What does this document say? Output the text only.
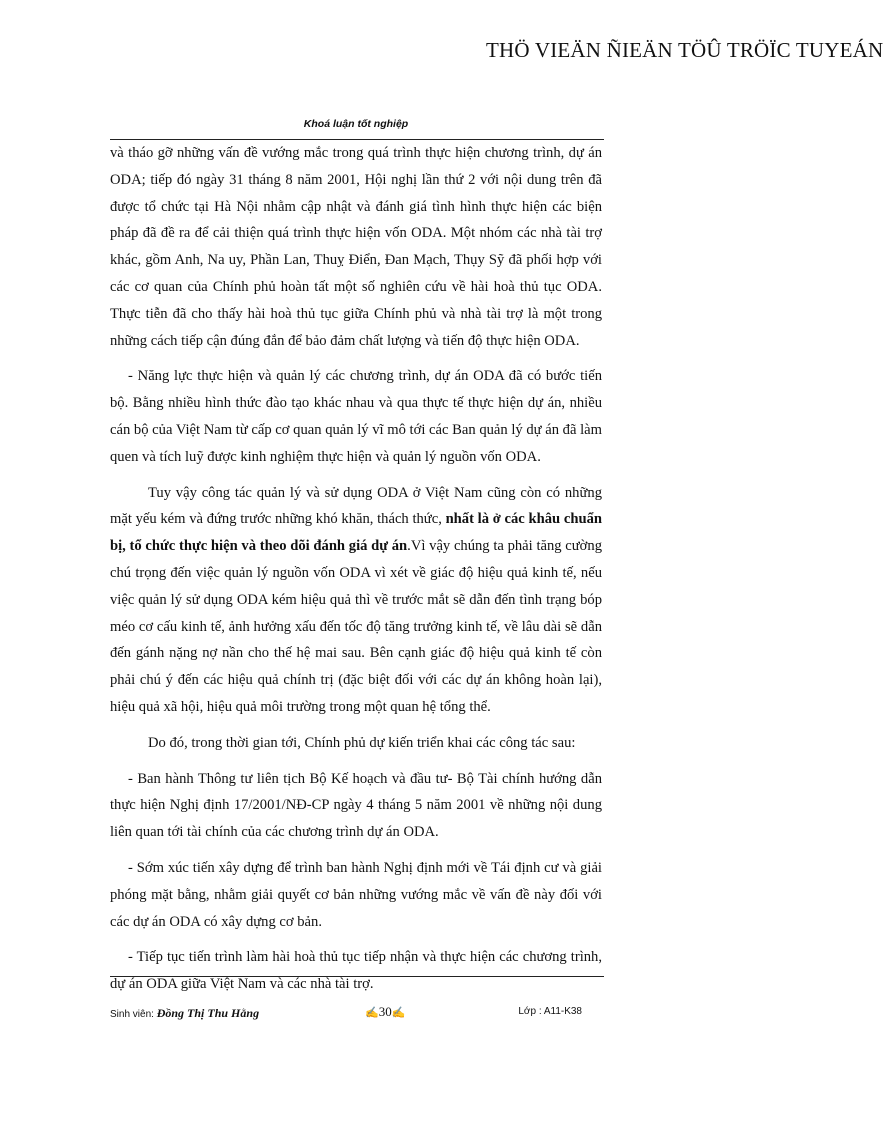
THÖ VIEÄN ÑIEÄN TÖÛ TRÖÏC TUYEÁN
Khoá luận tốt nghiệp

và tháo gỡ những vấn đề vướng mắc trong quá trình thực hiện chương trình, dự án ODA; tiếp đó ngày 31 tháng 8 năm 2001, Hội nghị lần thứ 2 với nội dung trên đã được tổ chức tại Hà Nội nhằm cập nhật và đánh giá tình hình thực hiện các biện pháp đã đề ra để cải thiện quá trình thực hiện vốn ODA. Một nhóm các nhà tài trợ khác, gồm Anh, Na uy, Phần Lan, Thuỵ Điển, Đan Mạch, Thụy Sỹ đã phối hợp với các cơ quan của Chính phủ hoàn tất một số nghiên cứu về hài hoà thủ tục ODA. Thực tiễn đã cho thấy hài hoà thủ tục giữa Chính phủ và nhà tài trợ là một trong những cách tiếp cận đúng đắn để bảo đảm chất lượng và tiến độ thực hiện ODA.

- Năng lực thực hiện và quản lý các chương trình, dự án ODA đã có bước tiến bộ. Bằng nhiều hình thức đào tạo khác nhau và qua thực tế thực hiện dự án, nhiều cán bộ của Việt Nam từ cấp cơ quan quản lý vĩ mô tới các Ban quản lý dự án đã làm quen và tích luỹ được kinh nghiệm thực hiện và quản lý nguồn vốn ODA.

Tuy vậy công tác quản lý và sử dụng ODA ở Việt Nam cũng còn có những mặt yếu kém và đứng trước những khó khăn, thách thức, nhất là ở các khâu chuẩn bị, tổ chức thực hiện và theo dõi đánh giá dự án.Vì vậy chúng ta phải tăng cường chú trọng đến việc quản lý nguồn vốn ODA vì xét về giác độ hiệu quả kinh tế, nếu việc quản lý sử dụng ODA kém hiệu quả thì về trước mắt sẽ dẫn đến tình trạng bóp méo cơ cấu kinh tế, ảnh hưởng xấu đến tốc độ tăng trưởng kinh tế, về lâu dài sẽ dẫn đến gánh nặng nợ nần cho thế hệ mai sau. Bên cạnh giác độ hiệu quả kinh tế còn phải chú ý đến các hiệu quả chính trị (đặc biệt đối với các dự án không hoàn lại), hiệu quả xã hội, hiệu quả môi trường trong một quan hệ tổng thể.

Do đó, trong thời gian tới, Chính phủ dự kiến triển khai các công tác sau:

- Ban hành Thông tư liên tịch Bộ Kế hoạch và đầu tư- Bộ Tài chính hướng dẫn thực hiện Nghị định 17/2001/NĐ-CP ngày 4 tháng 5 năm 2001 về những nội dung liên quan tới tài chính của các chương trình dự án ODA.

- Sớm xúc tiến xây dựng để trình ban hành Nghị định mới về Tái định cư và giải phóng mặt bằng, nhằm giải quyết cơ bản những vướng mắc về vấn đề này đối với các dự án ODA có xây dựng cơ bản.

- Tiếp tục tiến trình làm hài hoà thủ tục tiếp nhận và thực hiện các chương trình, dự án ODA giữa Việt Nam và các nhà tài trợ.

Sinh viên: Đồng Thị Thu Hằng	✍30✍	Lớp : A11-K38
